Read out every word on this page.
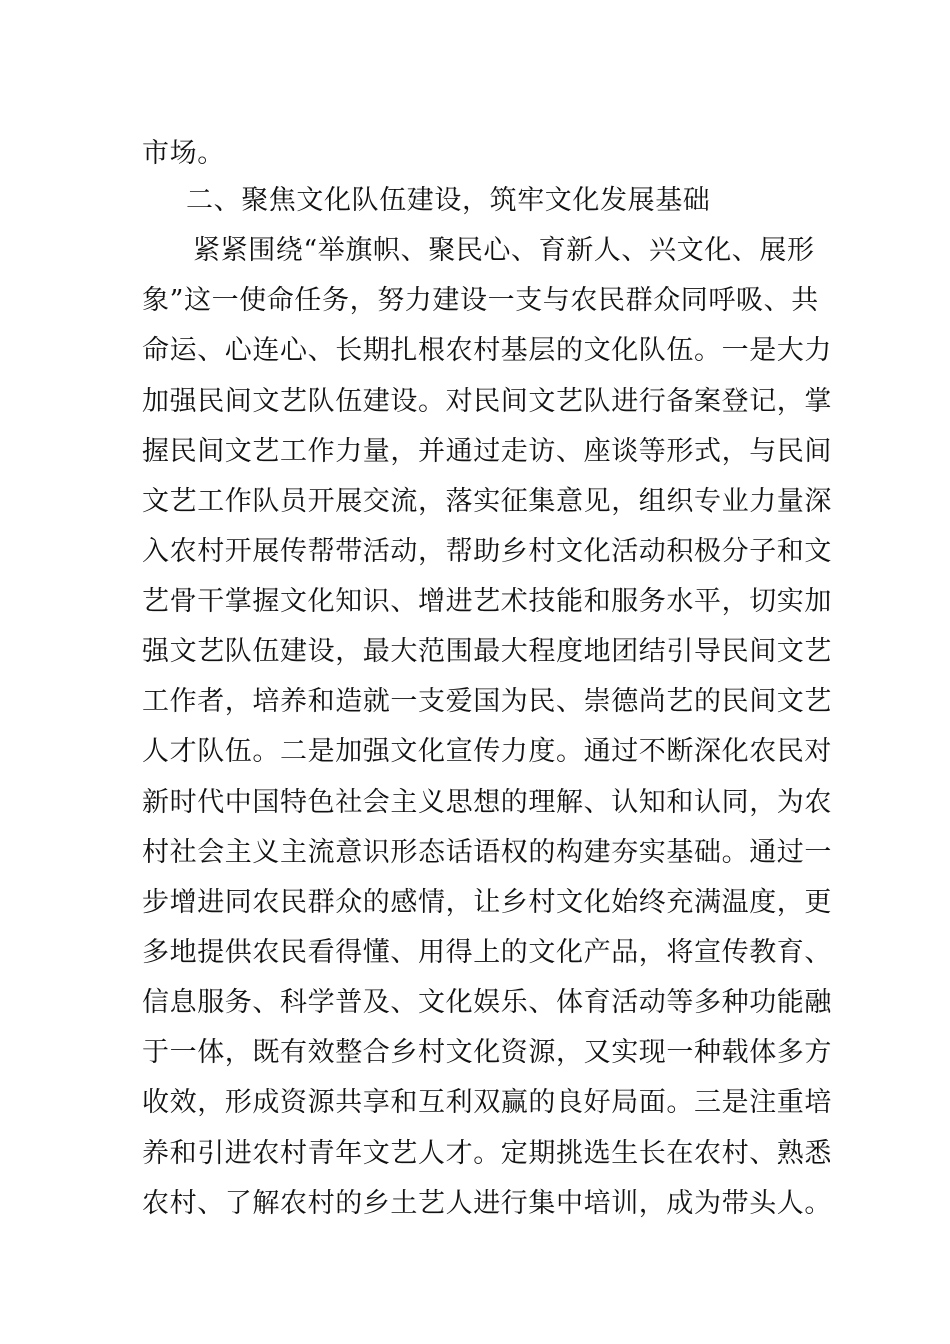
市场。
二、聚焦文化队伍建设，筑牢文化发展基础
紧紧围绕“举旗帜、聚民心、育新人、兴文化、展形
象”这一使命任务，努力建设一支与农民群众同呼吸、共
命运、心连心、长期扎根农村基层的文化队伍。一是大力
加强民间文艺队伍建设。对民间文艺队进行备案登记，掌
握民间文艺工作力量，并通过走访、座谈等形式，与民间
文艺工作队员开展交流，落实征集意见，组织专业力量深
入农村开展传帮带活动，帮助乡村文化活动积极分子和文
艺骨干掌握文化知识、增进艺术技能和服务水平，切实加
强文艺队伍建设，最大范围最大程度地团结引导民间文艺
工作者，培养和造就一支爱国为民、崇德尚艺的民间文艺
人才队伍。二是加强文化宣传力度。通过不断深化农民对
新时代中国特色社会主义思想的理解、认知和认同，为农
村社会主义主流意识形态话语权的构建夯实基础。通过一
步增进同农民群众的感情，让乡村文化始终充满温度，更
多地提供农民看得懂、用得上的文化产品，将宣传教育、
信息服务、科学普及、文化娱乐、体育活动等多种功能融
于一体，既有效整合乡村文化资源，又实现一种载体多方
收效，形成资源共享和互利双赢的良好局面。三是注重培
养和引进农村青年文艺人才。定期挑选生长在农村、熟悉
农村、了解农村的乡土艺人进行集中培训，成为带头人。
